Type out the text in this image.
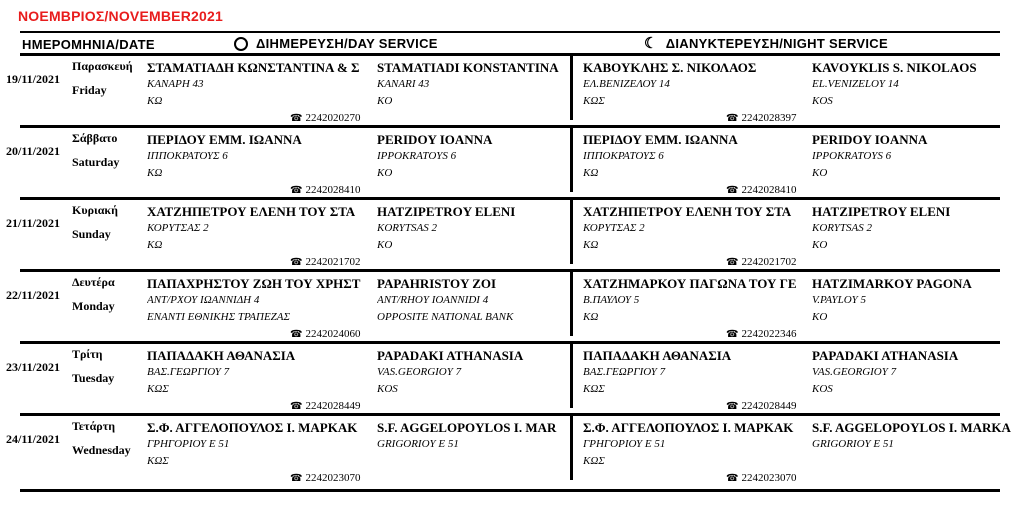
ΝΟΕΜΒΡΙΟΣ/NOVEMBER2021
ΗΜΕΡΟΜΗΝΙΑ/DATE	ΔΙΗΜΕΡΕΥΣΗ/DAY SERVICE	☾ ΔΙΑΝΥΚΤΕΡΕΥΣΗ/NIGHT SERVICE
19/11/2021
Παρασκευή
Friday
ΣΤΑΜΑΤΙΑΔΗ ΚΩΝΣΤΑΝΤΙΝΑ & Σ
ΚΑΝΑΡΗ 43
ΚΩ
STAMATIADI KONSTANTINA
KANARI 43
KO
☎ 2242020270
ΚΑΒΟΥΚΛΗΣ Σ. ΝΙΚΟΛΑΟΣ
ΕΛ.ΒΕΝΙΖΕΛΟΥ 14
ΚΩΣ
KAVOYKLIS S. NIKOLAOS
EL.VENIZELOY 14
KOS
☎ 2242028397
20/11/2021
Σάββατο
Saturday
ΠΕΡΙΔΟΥ ΕΜΜ. ΙΩΑΝΝΑ
ΙΠΠΟΚΡΑΤΟΥΣ 6
ΚΩ
PERIDOY IOANNA
IPPOKRATOYS 6
KO
☎ 2242028410
ΠΕΡΙΔΟΥ ΕΜΜ. ΙΩΑΝΝΑ
ΙΠΠΟΚΡΑΤΟΥΣ 6
ΚΩ
PERIDOY IOANNA
IPPOKRATOYS 6
KO
☎ 2242028410
21/11/2021
Κυριακή
Sunday
ΧΑΤΖΗΠΕΤΡΟΥ ΕΛΕΝΗ ΤΟΥ ΣΤΑ
ΚΟΡΥΤΣΑΣ 2
ΚΩ
HATZIPETROY ELENI
KORYTSAS 2
KO
☎ 2242021702
ΧΑΤΖΗΠΕΤΡΟΥ ΕΛΕΝΗ ΤΟΥ ΣΤΑ
ΚΟΡΥΤΣΑΣ 2
ΚΩ
HATZIPETROY ELENI
KORYTSAS 2
KO
☎ 2242021702
22/11/2021
Δευτέρα
Monday
ΠΑΠΑΧΡΗΣΤΟΥ ΖΩΗ ΤΟΥ ΧΡΗΣΤ
ΑΝΤ/ΡΧΟΥ ΙΩΑΝΝΙΔΗ 4
ΕΝΑΝΤΙ ΕΘΝΙΚΗΣ ΤΡΑΠΕΖΑΣ
PAPAHRISTOY ZOI
ANT/RHOY IOANNIDI 4
OPPOSITE NATIONAL BANK
☎ 2242024060
ΧΑΤΖΗΜΑΡΚΟΥ ΠΑΓΩΝΑ ΤΟΥ ΓΕ
Β.ΠΑΥΛΟΥ 5
ΚΩ
HATZIMARKOY PAGONA
V.PAYLOY 5
KO
☎ 2242022346
23/11/2021
Τρίτη
Tuesday
ΠΑΠΑΔΑΚΗ ΑΘΑΝΑΣΙΑ
ΒΑΣ.ΓΕΩΡΓΙΟΥ 7
ΚΩΣ
PAPADAKI ATHANASIA
VAS.GEORGIOY 7
KOS
☎ 2242028449
ΠΑΠΑΔΑΚΗ ΑΘΑΝΑΣΙΑ
ΒΑΣ.ΓΕΩΡΓΙΟΥ 7
ΚΩΣ
PAPADAKI ATHANASIA
VAS.GEORGIOY 7
KOS
☎ 2242028449
24/11/2021
Τετάρτη
Wednesday
Σ.Φ. ΑΓΓΕΛΟΠΟΥΛΟΣ Ι. ΜΑΡΚΑΚ
ΓΡΗΓΟΡΙΟΥ Ε 51
ΚΩΣ
S.F. AGGELOPOYLOS I. MAR
GRIGORIOY E 51
☎ 2242023070
Σ.Φ. ΑΓΓΕΛΟΠΟΥΛΟΣ Ι. ΜΑΡΚΑΚ
ΓΡΗΓΟΡΙΟΥ Ε 51
ΚΩΣ
S.F. AGGELOPOYLOS I. MARKA
GRIGORIOY E 51
☎ 2242023070
